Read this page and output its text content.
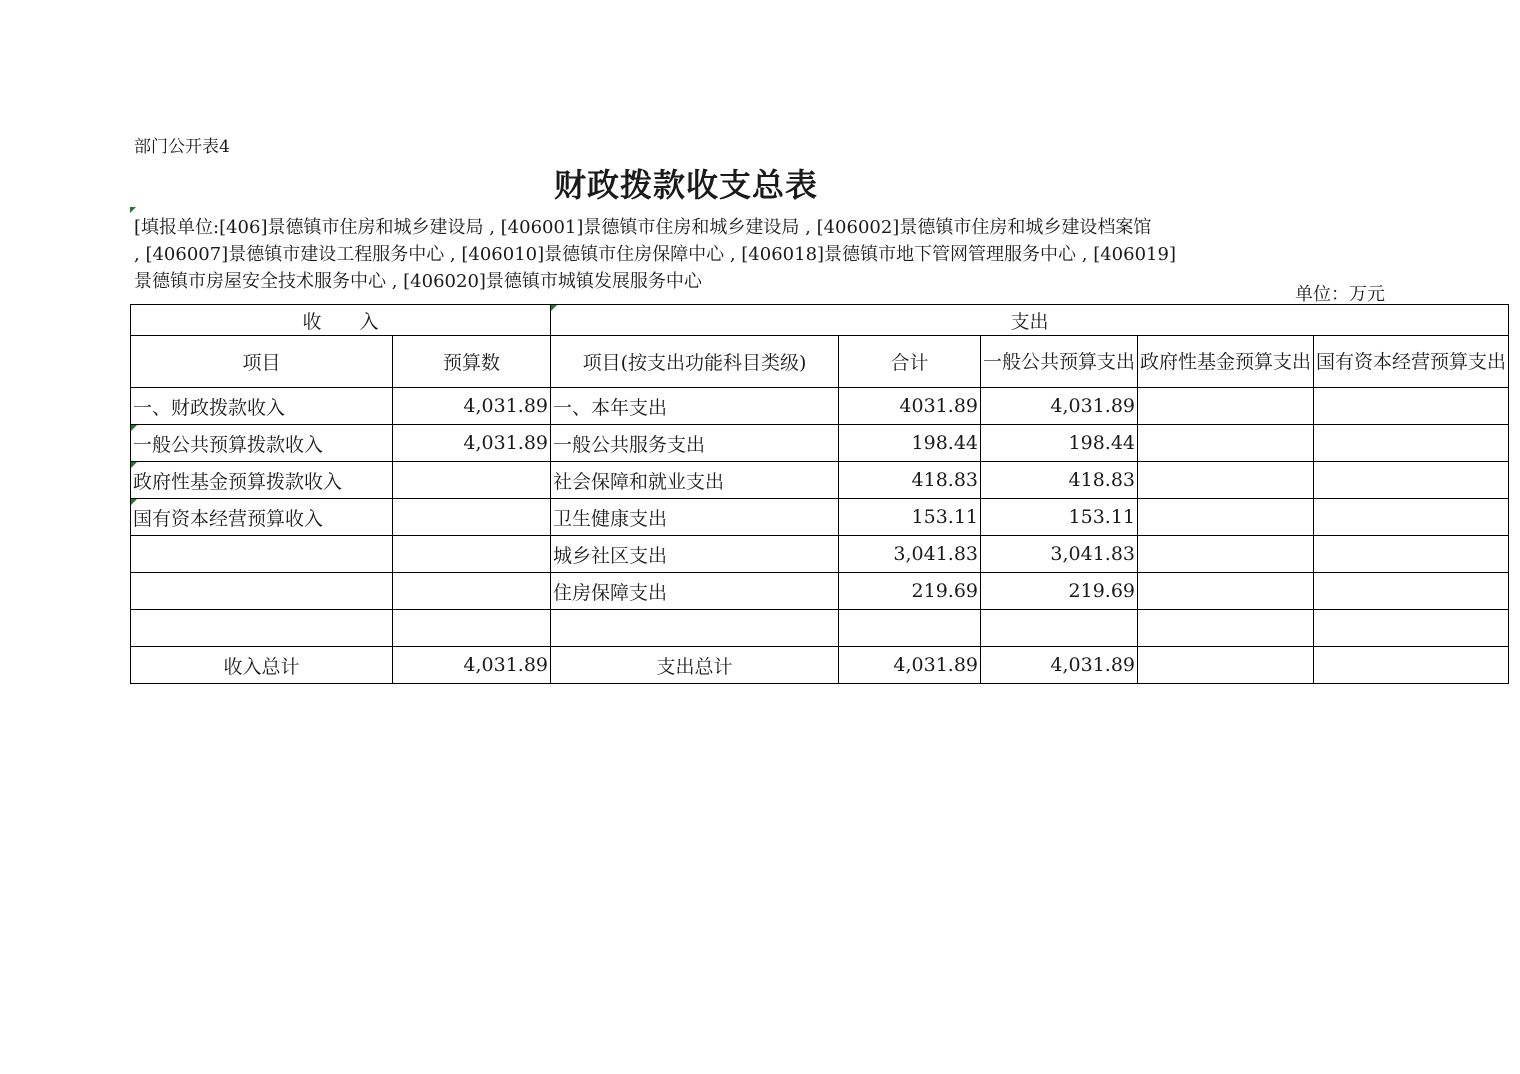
部门公开表4
财政拨款收支总表
[填报单位:[406]景德镇市住房和城乡建设局 , [406001]景德镇市住房和城乡建设局 , [406002]景德镇市住房和城乡建设档案馆
, [406007]景德镇市建设工程服务中心 , [406010]景德镇市住房保障中心 , [406018]景德镇市地下管网管理服务中心 , [406019]
景德镇市房屋安全技术服务中心 , [406020]景德镇市城镇发展服务中心
单位：万元
收　　入		支出				
项目	预算数	项目(按支出功能科目类级)	合计	一般公共预算支出	政府性基金预算支出	国有资本经营预算支出
一、财政拨款收入	4,031.89	一、本年支出	4031.89	4,031.89		

一般公共预算拨款收入	4,031.89	一般公共服务支出	198.44	198.44		

政府性基金预算拨款收入		社会保障和就业支出	418.83	418.83		

国有资本经营预算收入		卫生健康支出	153.11	153.11		
		城乡社区支出	3,041.83	3,041.83		
		住房保障支出	219.69	219.69		

收入总计	4,031.89	支出总计	4,031.89	4,031.89		
